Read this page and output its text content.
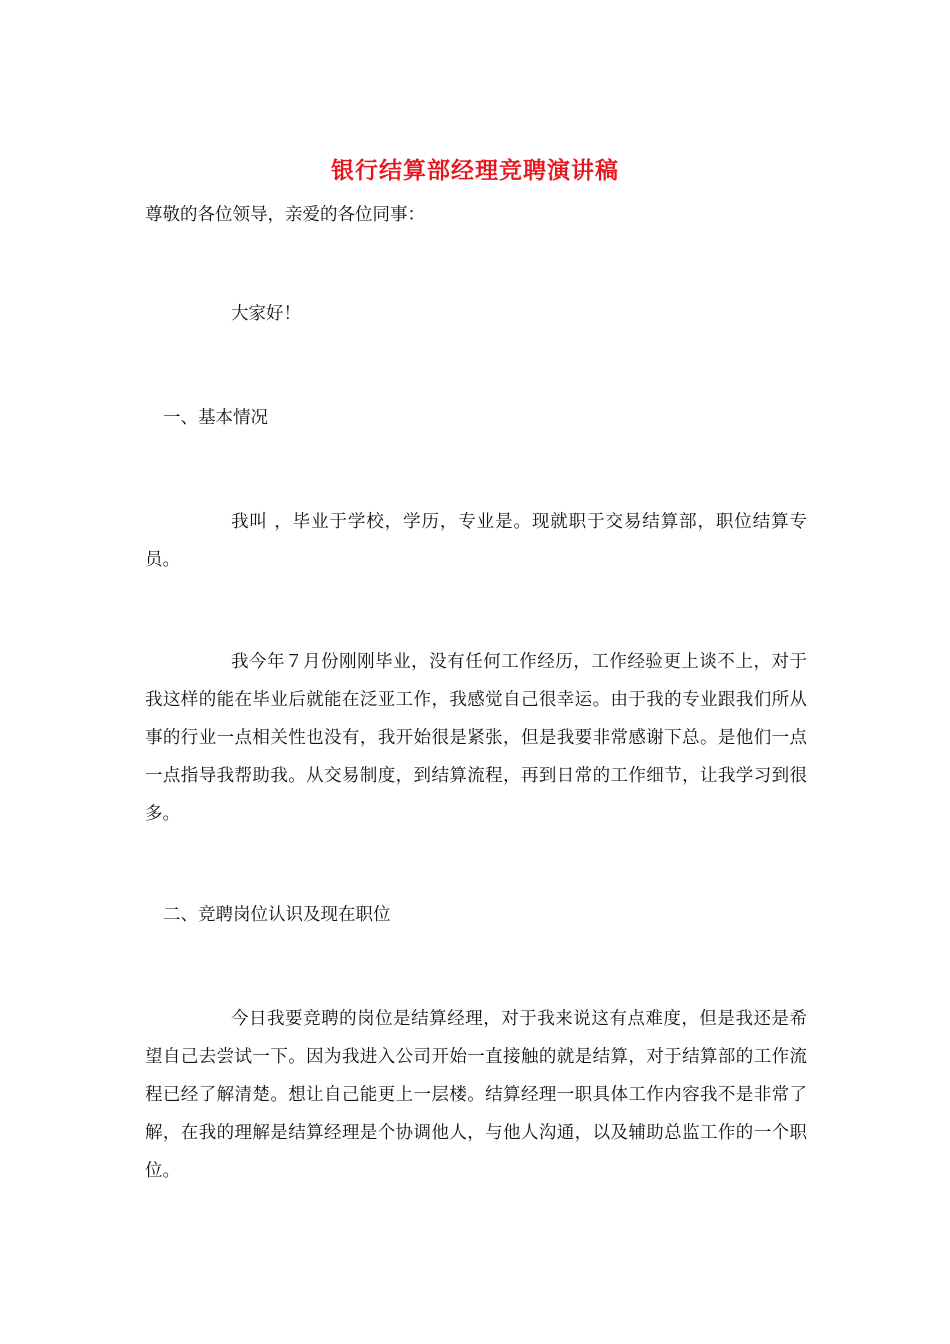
银行结算部经理竞聘演讲稿
尊敬的各位领导，亲爱的各位同事：
大家好！
一、基本情况
我叫 ，毕业于学校，学历，专业是。现就职于交易结算部，职位结算专员。
我今年７月份刚刚毕业，没有任何工作经历，工作经验更上谈不上，对于我这样的能在毕业后就能在泛亚工作，我感觉自己很幸运。由于我的专业跟我们所从事的行业一点相关性也没有，我开始很是紧张，但是我要非常感谢下总。是他们一点一点指导我帮助我。从交易制度，到结算流程，再到日常的工作细节，让我学习到很多。
二、竞聘岗位认识及现在职位
今日我要竞聘的岗位是结算经理，对于我来说这有点难度，但是我还是希望自己去尝试一下。因为我进入公司开始一直接触的就是结算，对于结算部的工作流程已经了解清楚。想让自己能更上一层楼。结算经理一职具体工作内容我不是非常了解，在我的理解是结算经理是个协调他人，与他人沟通，以及辅助总监工作的一个职位。
